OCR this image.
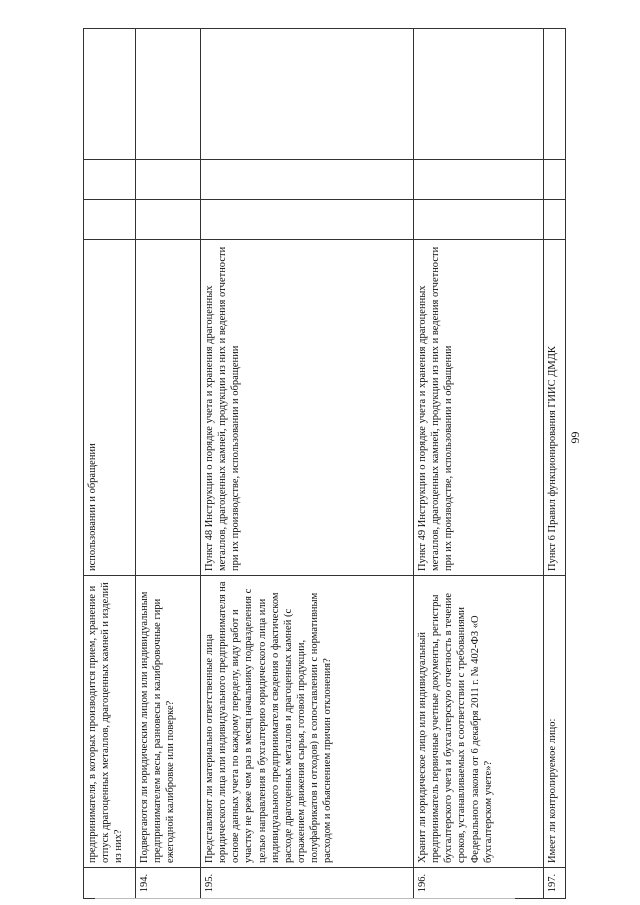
66
	предпринимателя, в которых производится прием, хранение и отпуск драгоценных металлов, драгоценных камней и изделий из них?	использовании и обращении			
194.	Подвергаются ли юридическим лицом или индивидуальным предпринимателем весы, разновесы и калибровочные гири ежегодной калибровке или поверке?				
195.	Представляют ли материально ответственные лица юридического лица или индивидуального предпринимателя на основе данных учета по каждому переделу, виду работ и участку не реже чем раз в месяц начальнику подразделения с целью направления в бухгалтерию юридического лица или индивидуального предпринимателя сведения о фактическом расходе драгоценных металлов и драгоценных камней (с отражением движения сырья, готовой продукции, полуфабрикатов и отходов) в сопоставлении с нормативным расходом и объяснением причин отклонения?	Пункт 48 Инструкции о порядке учета и хранения драгоценных металлов, драгоценных камней, продукции из них и ведения отчетности при их производстве, использовании и обращении			
196.	Хранит ли юридическое лицо или индивидуальный предприниматель первичные учетные документы, регистры бухгалтерского учета и бухгалтерскую отчетность в течение сроков, устанавливаемых в соответствии с требованиями Федерального закона от 6 декабря 2011 г. № 402-ФЗ «О бухгалтерском учете»?	Пункт 49 Инструкции о порядке учета и хранения драгоценных металлов, драгоценных камней, продукции из них и ведения отчетности при их производстве, использовании и обращении			
197.	Имеет ли контролируемое лицо:	Пункт 6 Правил функционирования ГИИС ДМДК			
